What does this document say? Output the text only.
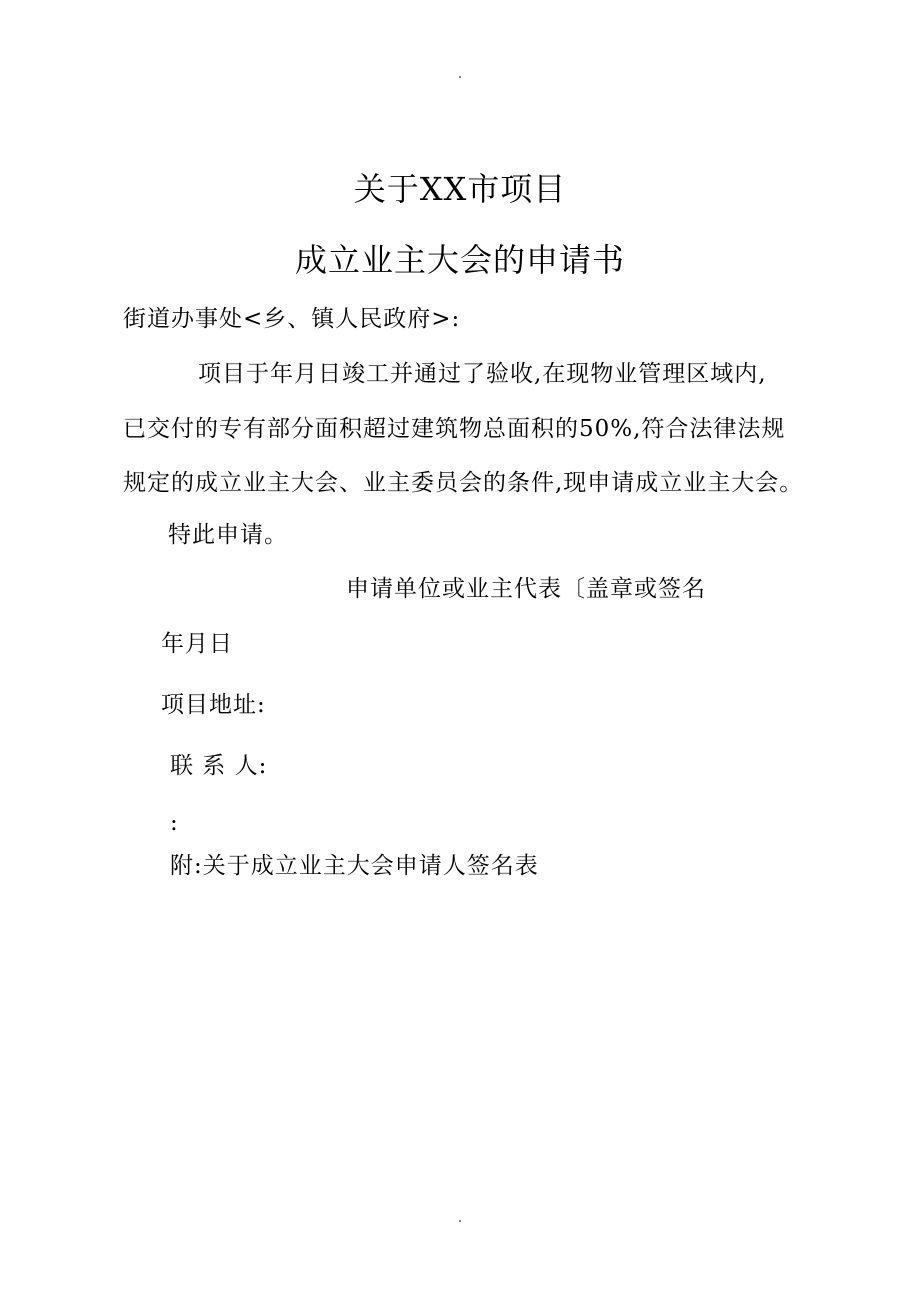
关于XX市项目
成立业主大会的申请书
街道办事处<乡、镇人民政府>:
项目于年月日竣工并通过了验收,在现物业管理区域内,
已交付的专有部分面积超过建筑物总面积的50%,符合法律法规
规定的成立业主大会、业主委员会的条件,现申请成立业主大会。
特此申请。
申请单位或业主代表〔盖章或签名
年月日
项目地址:
联 系 人:
:
附:关于成立业主大会申请人签名表
